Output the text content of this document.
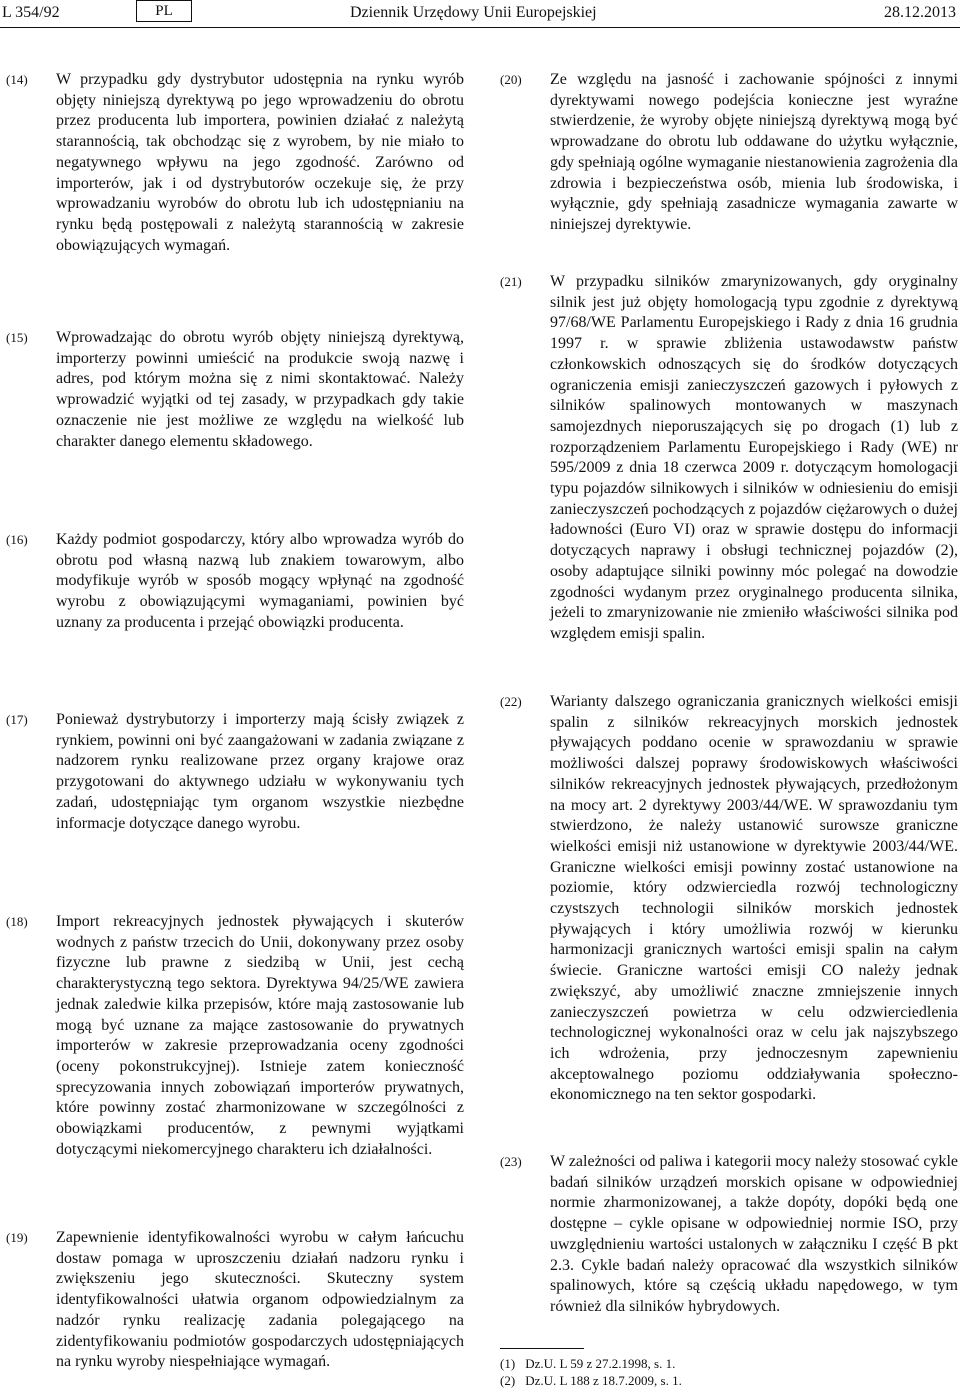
L 354/92	PL	Dziennik Urzędowy Unii Europejskiej	28.12.2013
(14) W przypadku gdy dystrybutor udostępnia na rynku wyrób objęty niniejszą dyrektywą po jego wprowadzeniu do obrotu przez producenta lub importera, powinien działać z należytą starannością, tak obchodząc się z wyrobem, by nie miało to negatywnego wpływu na jego zgodność. Zarówno od importerów, jak i od dystrybutorów oczekuje się, że przy wprowadzaniu wyrobów do obrotu lub ich udostępnianiu na rynku będą postępowali z należytą starannością w zakresie obowiązujących wymagań.
(15) Wprowadzając do obrotu wyrób objęty niniejszą dyrektywą, importerzy powinni umieścić na produkcie swoją nazwę i adres, pod którym można się z nimi skontaktować. Należy wprowadzić wyjątki od tej zasady, w przypadkach gdy takie oznaczenie nie jest możliwe ze względu na wielkość lub charakter danego elementu składowego.
(16) Każdy podmiot gospodarczy, który albo wprowadza wyrób do obrotu pod własną nazwą lub znakiem towarowym, albo modyfikuje wyrób w sposób mogący wpłynąć na zgodność wyrobu z obowiązującymi wymaganiami, powinien być uznany za producenta i przejąć obowiązki producenta.
(17) Ponieważ dystrybutorzy i importerzy mają ścisły związek z rynkiem, powinni oni być zaangażowani w zadania związane z nadzorem rynku realizowane przez organy krajowe oraz przygotowani do aktywnego udziału w wykonywaniu tych zadań, udostępniając tym organom wszystkie niezbędne informacje dotyczące danego wyrobu.
(18) Import rekreacyjnych jednostek pływających i skuterów wodnych z państw trzecich do Unii, dokonywany przez osoby fizyczne lub prawne z siedzibą w Unii, jest cechą charakterystyczną tego sektora. Dyrektywa 94/25/WE zawiera jednak zaledwie kilka przepisów, które mają zastosowanie lub mogą być uznane za mające zastosowanie do prywatnych importerów w zakresie przeprowadzania oceny zgodności (oceny pokonstrukcyjnej). Istnieje zatem konieczność sprecyzowania innych zobowiązań importerów prywatnych, które powinny zostać zharmonizowane w szczególności z obowiązkami producentów, z pewnymi wyjątkami dotyczącymi niekomercyjnego charakteru ich działalności.
(19) Zapewnienie identyfikowalności wyrobu w całym łańcuchu dostaw pomaga w uproszczeniu działań nadzoru rynku i zwiększeniu jego skuteczności. Skuteczny system identyfikowalności ułatwia organom odpowiedzialnym za nadzór rynku realizację zadania polegającego na zidentyfikowaniu podmiotów gospodarczych udostępniających na rynku wyroby niespełniające wymagań.
(20) Ze względu na jasność i zachowanie spójności z innymi dyrektywami nowego podejścia konieczne jest wyraźne stwierdzenie, że wyroby objęte niniejszą dyrektywą mogą być wprowadzane do obrotu lub oddawane do użytku wyłącznie, gdy spełniają ogólne wymaganie niestanowienia zagrożenia dla zdrowia i bezpieczeństwa osób, mienia lub środowiska, i wyłącznie, gdy spełniają zasadnicze wymagania zawarte w niniejszej dyrektywie.
(21) W przypadku silników zmarynizowanych, gdy oryginalny silnik jest już objęty homologacją typu zgodnie z dyrektywą 97/68/WE Parlamentu Europejskiego i Rady z dnia 16 grudnia 1997 r. w sprawie zbliżenia ustawodawstw państw członkowskich odnoszących się do środków dotyczących ograniczenia emisji zanieczyszczeń gazowych i pyłowych z silników spalinowych montowanych w maszynach samojezdnych nieporuszających się po drogach (1) lub z rozporządzeniem Parlamentu Europejskiego i Rady (WE) nr 595/2009 z dnia 18 czerwca 2009 r. dotyczącym homologacji typu pojazdów silnikowych i silników w odniesieniu do emisji zanieczyszczeń pochodzących z pojazdów ciężarowych o dużej ładowności (Euro VI) oraz w sprawie dostępu do informacji dotyczących naprawy i obsługi technicznej pojazdów (2), osoby adaptujące silniki powinny móc polegać na dowodzie zgodności wydanym przez oryginalnego producenta silnika, jeżeli to zmarynizowanie nie zmieniło właściwości silnika pod względem emisji spalin.
(22) Warianty dalszego ograniczania granicznych wielkości emisji spalin z silników rekreacyjnych morskich jednostek pływających poddano ocenie w sprawozdaniu w sprawie możliwości dalszej poprawy środowiskowych właściwości silników rekreacyjnych jednostek pływających, przedłożonym na mocy art. 2 dyrektywy 2003/44/WE. W sprawozdaniu tym stwierdzono, że należy ustanowić surowsze graniczne wielkości emisji niż ustanowione w dyrektywie 2003/44/WE. Graniczne wielkości emisji powinny zostać ustanowione na poziomie, który odzwierciedla rozwój technologiczny czystszych technologii silników morskich jednostek pływających i który umożliwia rozwój w kierunku harmonizacji granicznych wartości emisji spalin na całym świecie. Graniczne wartości emisji CO należy jednak zwiększyć, aby umożliwić znaczne zmniejszenie innych zanieczyszczeń powietrza w celu odzwierciedlenia technologicznej wykonalności oraz w celu jak najszybszego ich wdrożenia, przy jednoczesnym zapewnieniu akceptowalnego poziomu oddziaływania społeczno-ekonomicznego na ten sektor gospodarki.
(23) W zależności od paliwa i kategorii mocy należy stosować cykle badań silników urządzeń morskich opisane w odpowiedniej normie zharmonizowanej, a także dopóty, dopóki będą one dostępne – cykle opisane w odpowiedniej normie ISO, przy uwzględnieniu wartości ustalonych w załączniku I część B pkt 2.3. Cykle badań należy opracować dla wszystkich silników spalinowych, które są częścią układu napędowego, w tym również dla silników hybrydowych.
(1) Dz.U. L 59 z 27.2.1998, s. 1.
(2) Dz.U. L 188 z 18.7.2009, s. 1.
